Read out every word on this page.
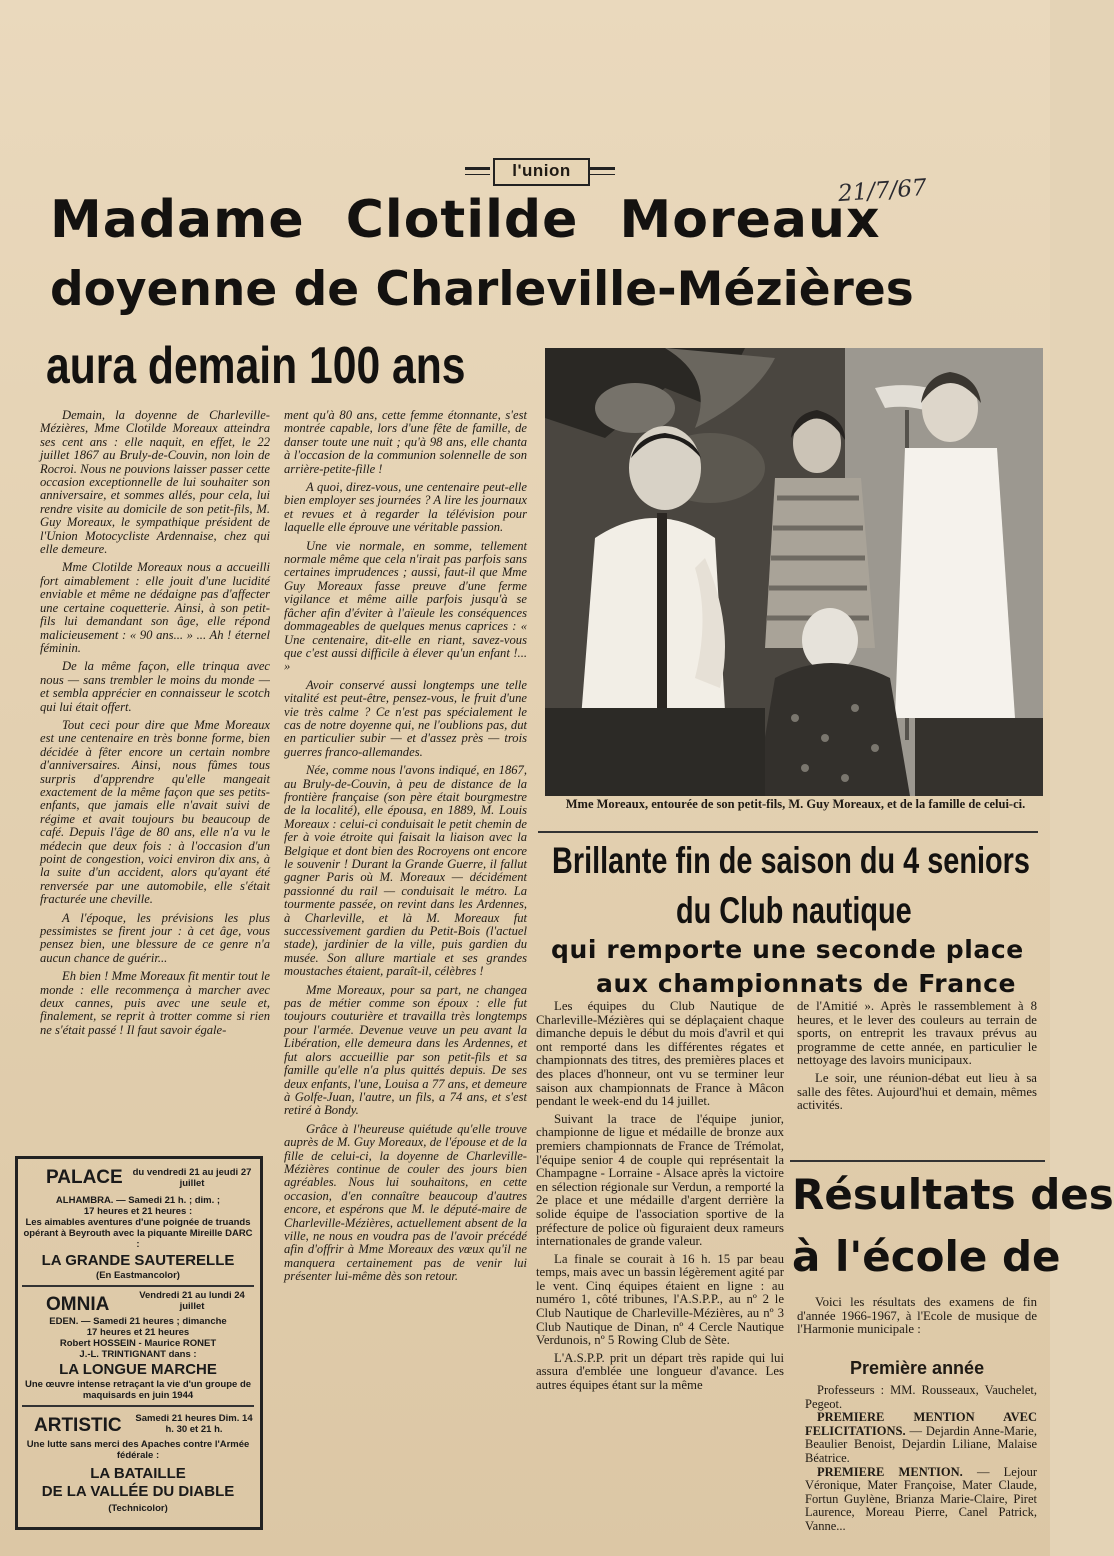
l'union
21/7/67
Madame Clotilde Moreaux
doyenne de Charleville-Mézières
aura demain 100 ans

Demain, la doyenne de Charleville-Mézières, Mme Clotilde Moreaux atteindra ses cent ans : elle naquit, en effet, le 22 juillet 1867 au Bruly-de-Couvin, non loin de Rocroi. Nous ne pouvions laisser passer cette occasion exceptionnelle de lui souhaiter son anniversaire, et sommes allés, pour cela, lui rendre visite au domicile de son petit-fils, M. Guy Moreaux, le sympathique président de l'Union Motocycliste Ardennaise, chez qui elle demeure.

Mme Clotilde Moreaux nous a accueilli fort aimablement : elle jouit d'une lucidité enviable et même ne dédaigne pas d'affecter une certaine coquetterie. Ainsi, à son petit-fils lui demandant son âge, elle répond malicieusement : « 90 ans... » ... Ah ! éternel féminin.

De la même façon, elle trinqua avec nous — sans trembler le moins du monde — et sembla apprécier en connaisseur le scotch qui lui était offert.

Tout ceci pour dire que Mme Moreaux est une centenaire en très bonne forme, bien décidée à fêter encore un certain nombre d'anniversaires. Ainsi, nous fûmes tous surpris d'apprendre qu'elle mangeait exactement de la même façon que ses petits-enfants, que jamais elle n'avait suivi de régime et avait toujours bu beaucoup de café. Depuis l'âge de 80 ans, elle n'a vu le médecin que deux fois : à l'occasion d'un point de congestion, voici environ dix ans, à la suite d'un accident, alors qu'ayant été renversée par une automobile, elle s'était fracturée une cheville.

A l'époque, les prévisions les plus pessimistes se firent jour : à cet âge, vous pensez bien, une blessure de ce genre n'a aucun chance de guérir...

Eh bien ! Mme Moreaux fit mentir tout le monde : elle recommença à marcher avec deux cannes, puis avec une seule et, finalement, se reprit à trotter comme si rien ne s'était passé ! Il faut savoir égale-

ment qu'à 80 ans, cette femme étonnante, s'est montrée capable, lors d'une fête de famille, de danser toute une nuit ; qu'à 98 ans, elle chanta à l'occasion de la communion solennelle de son arrière-petite-fille !

A quoi, direz-vous, une centenaire peut-elle bien employer ses journées ? A lire les journaux et revues et à regarder la télévision pour laquelle elle éprouve une véritable passion.

Une vie normale, en somme, tellement normale même que cela n'irait pas parfois sans certaines imprudences ; aussi, faut-il que Mme Guy Moreaux fasse preuve d'une ferme vigilance et même aille parfois jusqu'à se fâcher afin d'éviter à l'aïeule les conséquences dommageables de quelques menus caprices : « Une centenaire, dit-elle en riant, savez-vous que c'est aussi difficile à élever qu'un enfant !... »

Avoir conservé aussi longtemps une telle vitalité est peut-être, pensez-vous, le fruit d'une vie très calme ? Ce n'est pas spécialement le cas de notre doyenne qui, ne l'oublions pas, dut en particulier subir — et d'assez près — trois guerres franco-allemandes.

Née, comme nous l'avons indiqué, en 1867, au Bruly-de-Couvin, à peu de distance de la frontière française (son père était bourgmestre de la localité), elle épousa, en 1889, M. Louis Moreaux : celui-ci conduisait le petit chemin de fer à voie étroite qui faisait la liaison avec la Belgique et dont bien des Rocroyens ont encore le souvenir ! Durant la Grande Guerre, il fallut gagner Paris où M. Moreaux — décidément passionné du rail — conduisait le métro. La tourmente passée, on revint dans les Ardennes, à Charleville, et là M. Moreaux fut successivement gardien du Petit-Bois (l'actuel stade), jardinier de la ville, puis gardien du musée. Son allure martiale et ses grandes moustaches étaient, paraît-il, célèbres !

Mme Moreaux, pour sa part, ne changea pas de métier comme son époux : elle fut toujours couturière et travailla très longtemps pour l'armée. Devenue veuve un peu avant la Libération, elle demeura dans les Ardennes, et fut alors accueillie par son petit-fils et sa famille qu'elle n'a plus quittés depuis. De ses deux enfants, l'une, Louisa a 77 ans, et demeure à Golfe-Juan, l'autre, un fils, a 74 ans, et s'est retiré à Bondy.

Grâce à l'heureuse quiétude qu'elle trouve auprès de M. Guy Moreaux, de l'épouse et de la fille de celui-ci, la doyenne de Charleville-Mézières continue de couler des jours bien agréables. Nous lui souhaitons, en cette occasion, d'en connaître beaucoup d'autres encore, et espérons que M. le député-maire de Charleville-Mézières, actuellement absent de la ville, ne nous en voudra pas de l'avoir précédé afin d'offrir à Mme Moreaux des vœux qu'il ne manquera certainement pas de venir lui présenter lui-même dès son retour.

Mme Moreaux, entourée de son petit-fils, M. Guy Moreaux, et de la famille de celui-ci.
Brillante fin de saison du 4 seniors
du Club nautique
qui remporte une seconde place
aux championnats de France

Les équipes du Club Nautique de Charleville-Mézières qui se déplaçaient chaque dimanche depuis le début du mois d'avril et qui ont remporté dans les différentes régates et championnats des titres, des premières places et des places d'honneur, ont vu se terminer leur saison aux championnats de France à Mâcon pendant le week-end du 14 juillet.

Suivant la trace de l'équipe junior, championne de ligue et médaille de bronze aux premiers championnats de France de Trémolat, l'équipe senior 4 de couple qui représentait la Champagne - Lorraine - Alsace après la victoire en sélection régionale sur Verdun, a remporté la 2e place et une médaille d'argent derrière la solide équipe de l'association sportive de la préfecture de police où figuraient deux rameurs internationales de grande valeur.

La finale se courait à 16 h. 15 par beau temps, mais avec un bassin légèrement agité par le vent. Cinq équipes étaient en ligne : au numéro 1, côté tribunes, l'A.S.P.P., au nº 2 le Club Nautique de Charleville-Mézières, au nº 3 Club Nautique de Dinan, nº 4 Cercle Nautique Verdunois, nº 5 Rowing Club de Sète.

L'A.S.P.P. prit un départ très rapide qui lui assura d'emblée une longueur d'avance. Les autres équipes étant sur la même

de l'Amitié ». Après le rassemblement à 8 heures, et le lever des couleurs au terrain de sports, on entreprit les travaux prévus au programme de cette année, en particulier le nettoyage des lavoirs municipaux.

Le soir, une réunion-débat eut lieu à sa salle des fêtes. Aujourd'hui et demain, mêmes activités.

Résultats des
à l'école de

Voici les résultats des examens de fin d'année 1966-1967, à l'Ecole de musique de l'Harmonie municipale :

Première année
Professeurs : MM. Rousseaux, Vauchelet, Pegeot.
PREMIERE MENTION AVEC FELICITATIONS. — Dejardin Anne-Marie, Beaulier Benoist, Dejardin Liliane, Malaise Béatrice.
PREMIERE MENTION. — Lejour Véronique, Mater Françoise, Mater Claude, Fortun Guylène, Brianza Marie-Claire, Piret Laurence, Moreau Pierre, Canel Patrick, Vanne...
PALACE du vendredi 21 au jeudi 27 juillet
ALHAMBRA. — Samedi 21 h. ; dim. ;
17 heures et 21 heures :
Les aimables aventures d'une poignée de truands opérant à Beyrouth avec la piquante Mireille DARC :
LA GRANDE SAUTERELLE
(En Eastmancolor)
OMNIA	Vendredi 21 au lundi 24 juillet
EDEN. — Samedi 21 heures ; dimanche
17 heures et 21 heures
Robert HOSSEIN - Maurice RONET
J.-L. TRINTIGNANT dans :
LA LONGUE MARCHE
Une œuvre intense retraçant la vie d'un groupe de maquisards en juin 1944
ARTISTIC Samedi 21 heures Dim. 14 h. 30 et 21 h.
Une lutte sans merci des Apaches contre l'Armée fédérale :
LA BATAILLE
DE LA VALLÉE DU DIABLE
(Technicolor)
